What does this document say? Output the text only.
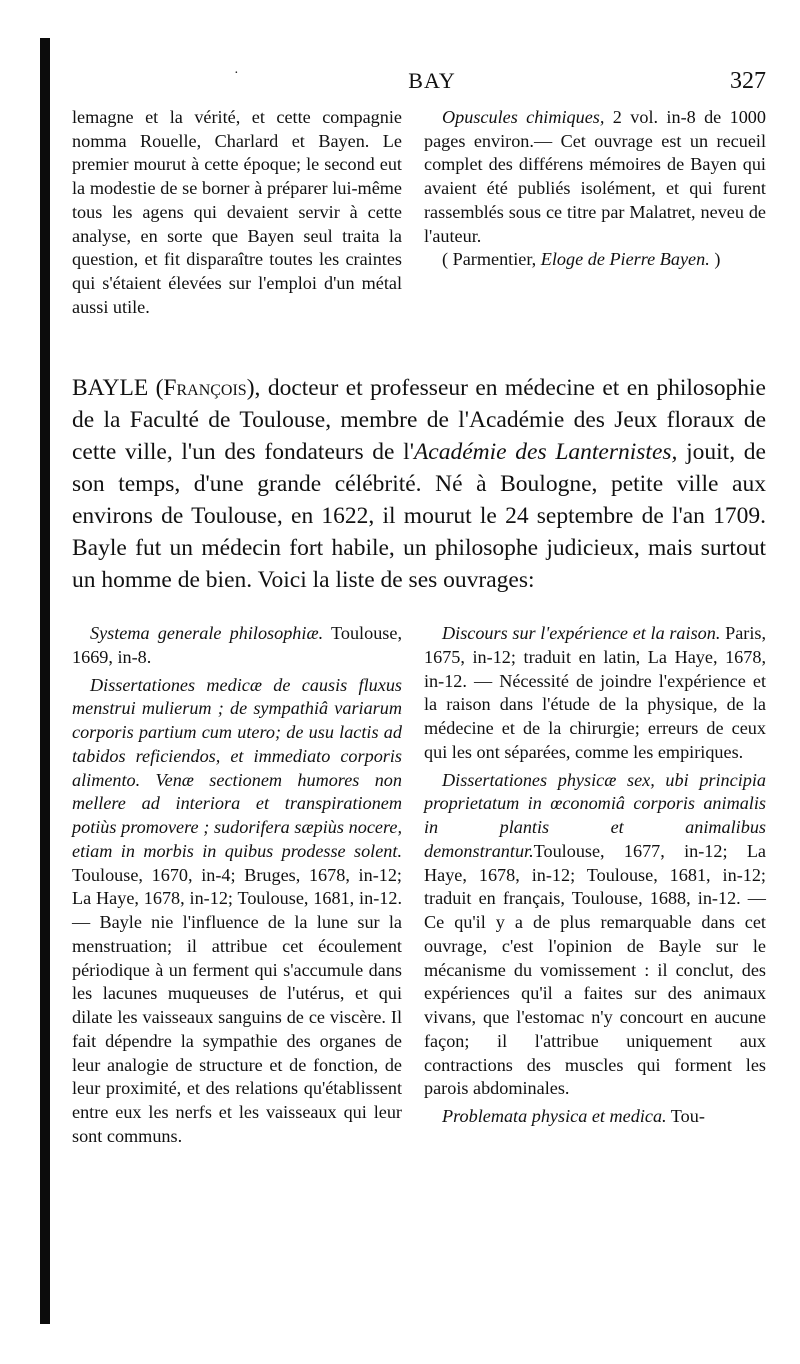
·	BAY	327

lemagne et la vérité, et cette compagnie nomma Rouelle, Charlard et Bayen. Le premier mourut à cette époque; le second eut la modestie de se borner à préparer lui-même tous les agens qui devaient servir à cette analyse, en sorte que Bayen seul traita la question, et fit disparaître toutes les craintes qui s'étaient élevées sur l'emploi d'un métal aussi utile.

Opuscules chimiques, 2 vol. in-8 de 1000 pages environ.— Cet ouvrage est un recueil complet des différens mémoires de Bayen qui avaient été publiés isolément, et qui furent rassemblés sous ce titre par Malatret, neveu de l'auteur.

( Parmentier, Eloge de Pierre Bayen. )

BAYLE (François), docteur et professeur en médecine et en philosophie de la Faculté de Toulouse, membre de l'Académie des Jeux floraux de cette ville, l'un des fondateurs de l'Académie des Lanternistes, jouit, de son temps, d'une grande célébrité. Né à Boulogne, petite ville aux environs de Toulouse, en 1622, il mourut le 24 septembre de l'an 1709. Bayle fut un médecin fort habile, un philosophe judicieux, mais surtout un homme de bien. Voici la liste de ses ouvrages:

Systema generale philosophiæ. Toulouse, 1669, in-8.

Dissertationes medicæ de causis fluxus menstrui mulierum ; de sympathiâ variarum corporis partium cum utero; de usu lactis ad tabidos reficiendos, et immediato corporis alimento. Venæ sectionem humores non mellere ad interiora et transpirationem potiùs promovere ; sudorifera sæpiùs nocere, etiam in morbis in quibus prodesse solent. Toulouse, 1670, in-4; Bruges, 1678, in-12; La Haye, 1678, in-12; Toulouse, 1681, in-12. — Bayle nie l'influence de la lune sur la menstruation; il attribue cet écoulement périodique à un ferment qui s'accumule dans les lacunes muqueuses de l'utérus, et qui dilate les vaisseaux sanguins de ce viscère. Il fait dépendre la sympathie des organes de leur analogie de structure et de fonction, de leur proximité, et des relations qu'établissent entre eux les nerfs et les vaisseaux qui leur sont communs.

Discours sur l'expérience et la raison. Paris, 1675, in-12; traduit en latin, La Haye, 1678, in-12. — Nécessité de joindre l'expérience et la raison dans l'étude de la physique, de la médecine et de la chirurgie; erreurs de ceux qui les ont séparées, comme les empiriques.

Dissertationes physicæ sex, ubi principia proprietatum in œconomiâ corporis animalis in plantis et animalibus demonstrantur.Toulouse, 1677, in-12; La Haye, 1678, in-12; Toulouse, 1681, in-12; traduit en français, Toulouse, 1688, in-12. — Ce qu'il y a de plus remarquable dans cet ouvrage, c'est l'opinion de Bayle sur le mécanisme du vomissement : il conclut, des expériences qu'il a faites sur des animaux vivans, que l'estomac n'y concourt en aucune façon; il l'attribue uniquement aux contractions des muscles qui forment les parois abdominales.

Problemata physica et medica. Tou-
